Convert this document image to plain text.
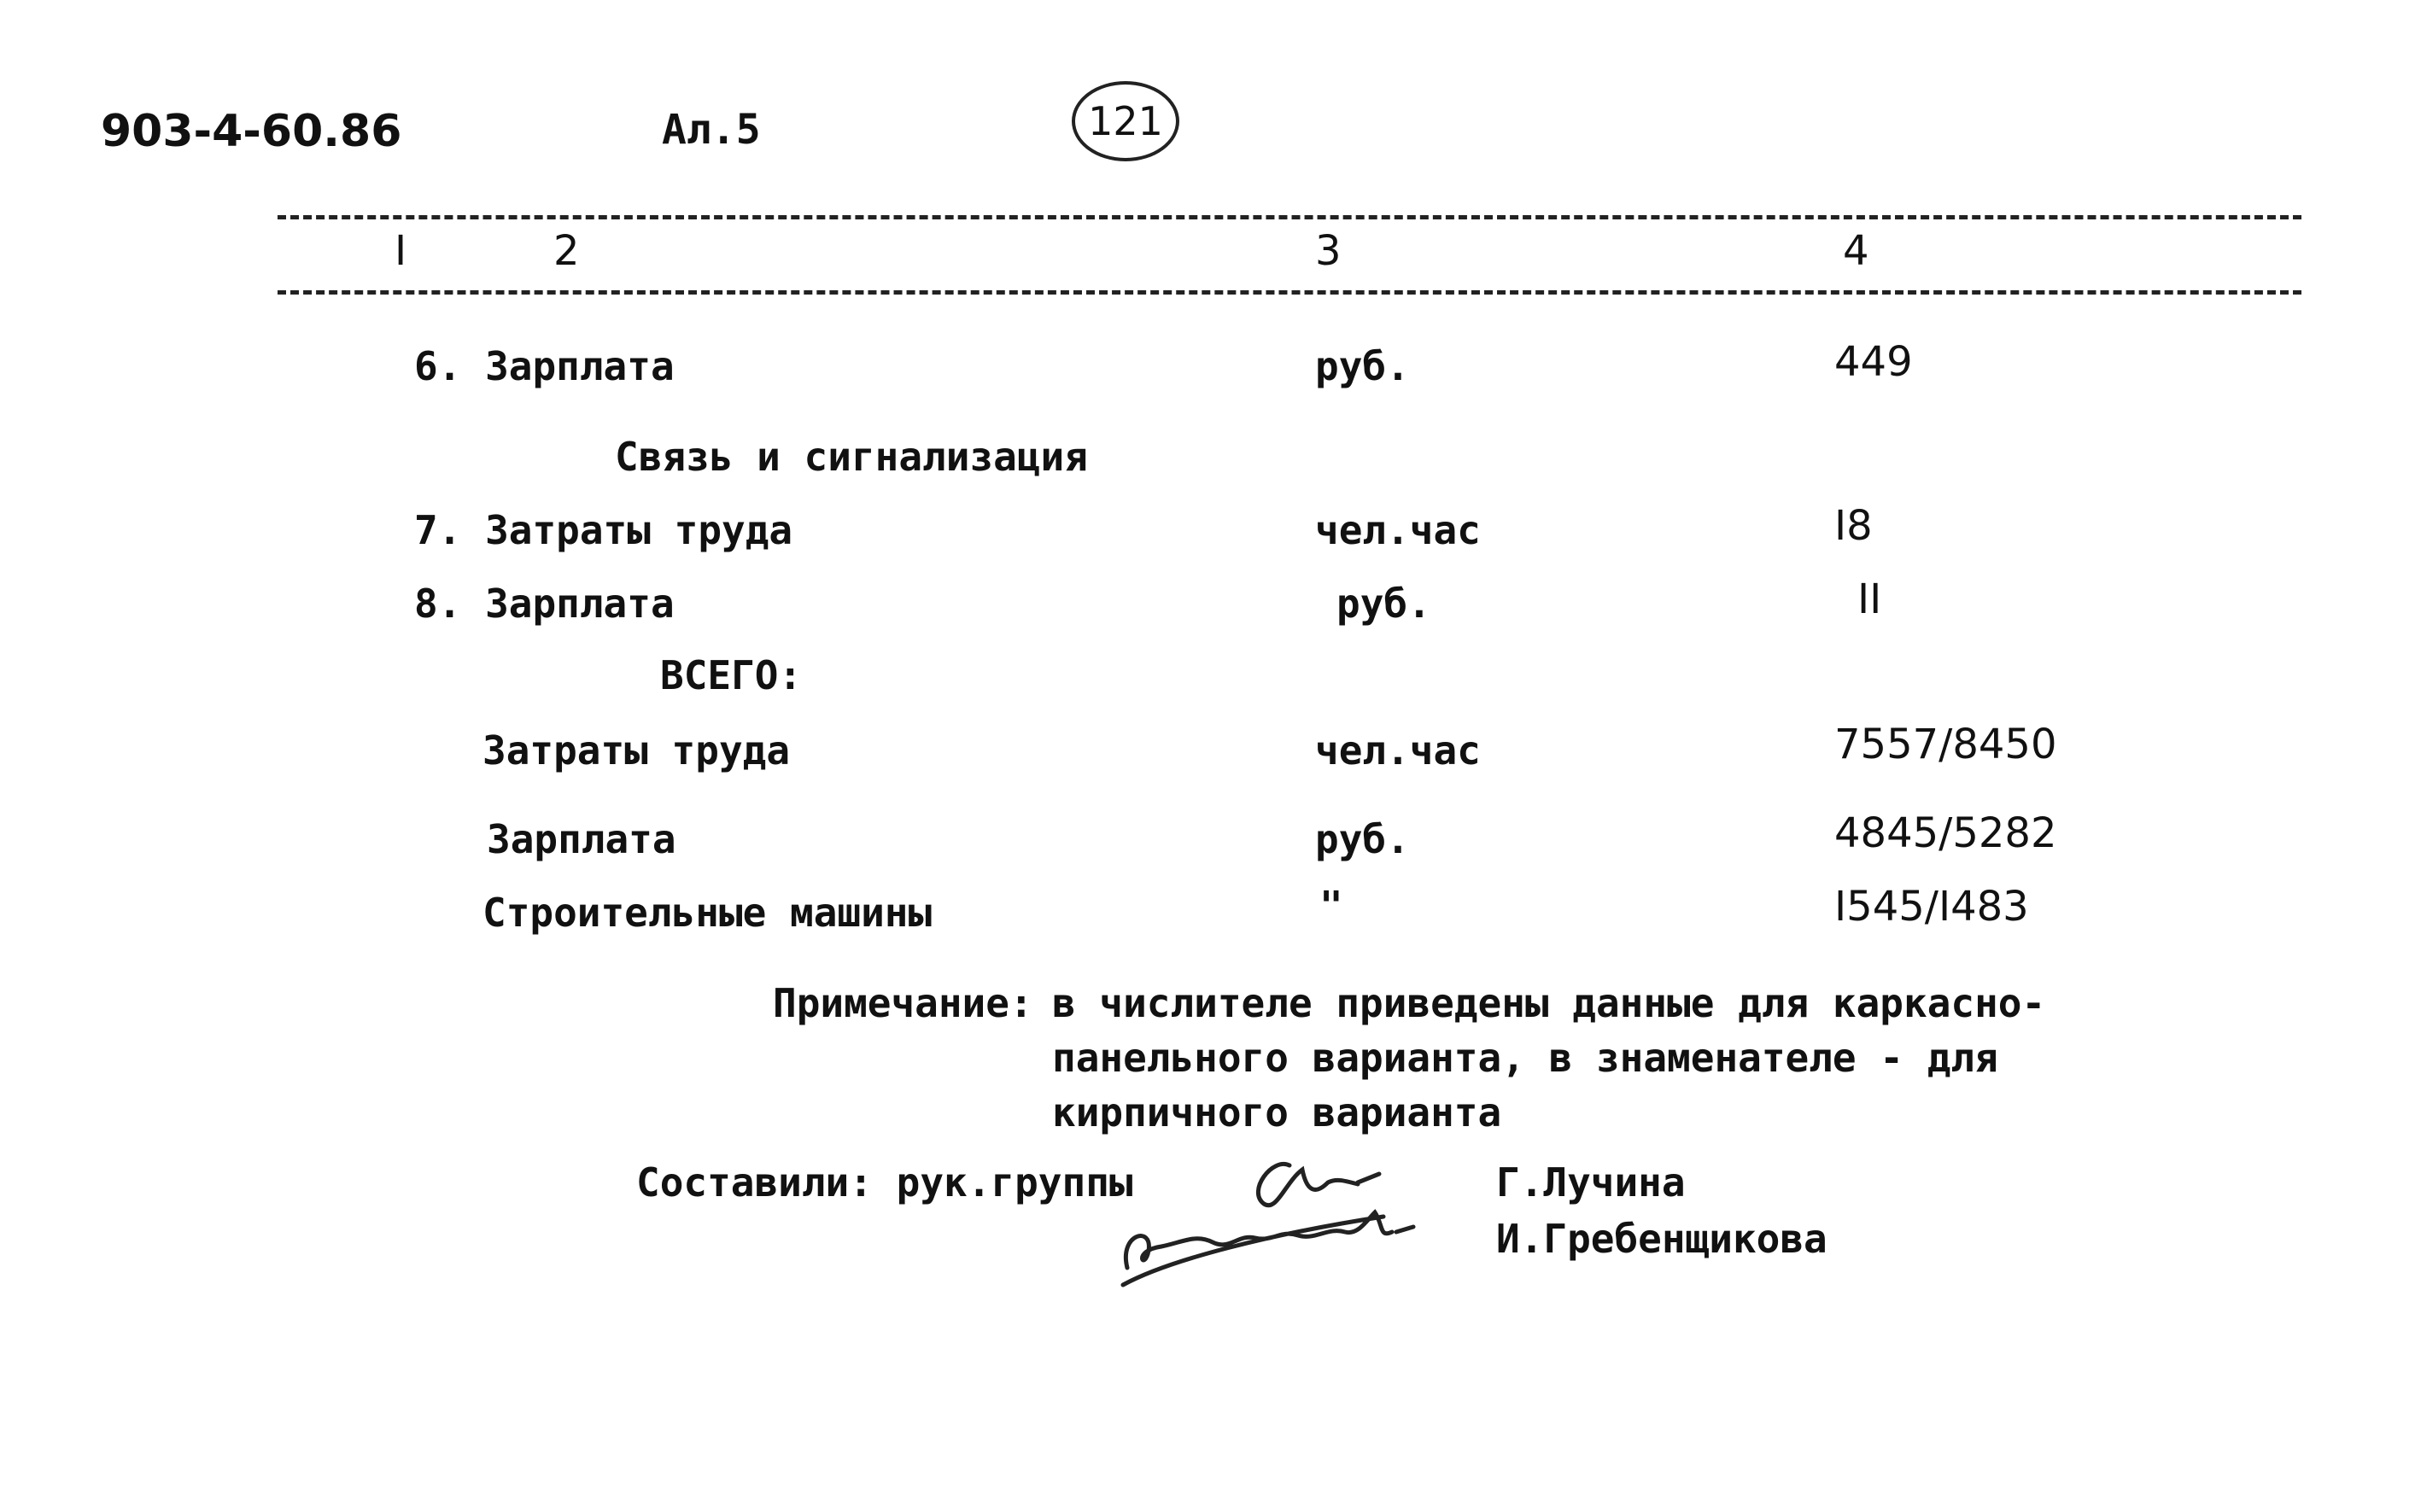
903-4-60.86	Ал.5	121
I	2	3	4
6. Зарплата	руб.	449
Связь и сигнализация
7. Затраты труда	чел.час	I8
8. Зарплата	руб.	II
ВСЕГО:
Затраты труда	чел.час	7557/8450
Зарплата	руб.	4845/5282
Строительные машины	"	I545/I483
Примечание: в числителе приведены данные для каркасно-
панельного варианта, в знаменателе - для
кирпичного варианта
Составили: рук.группы	Г.Лучина
И.Гребенщикова
